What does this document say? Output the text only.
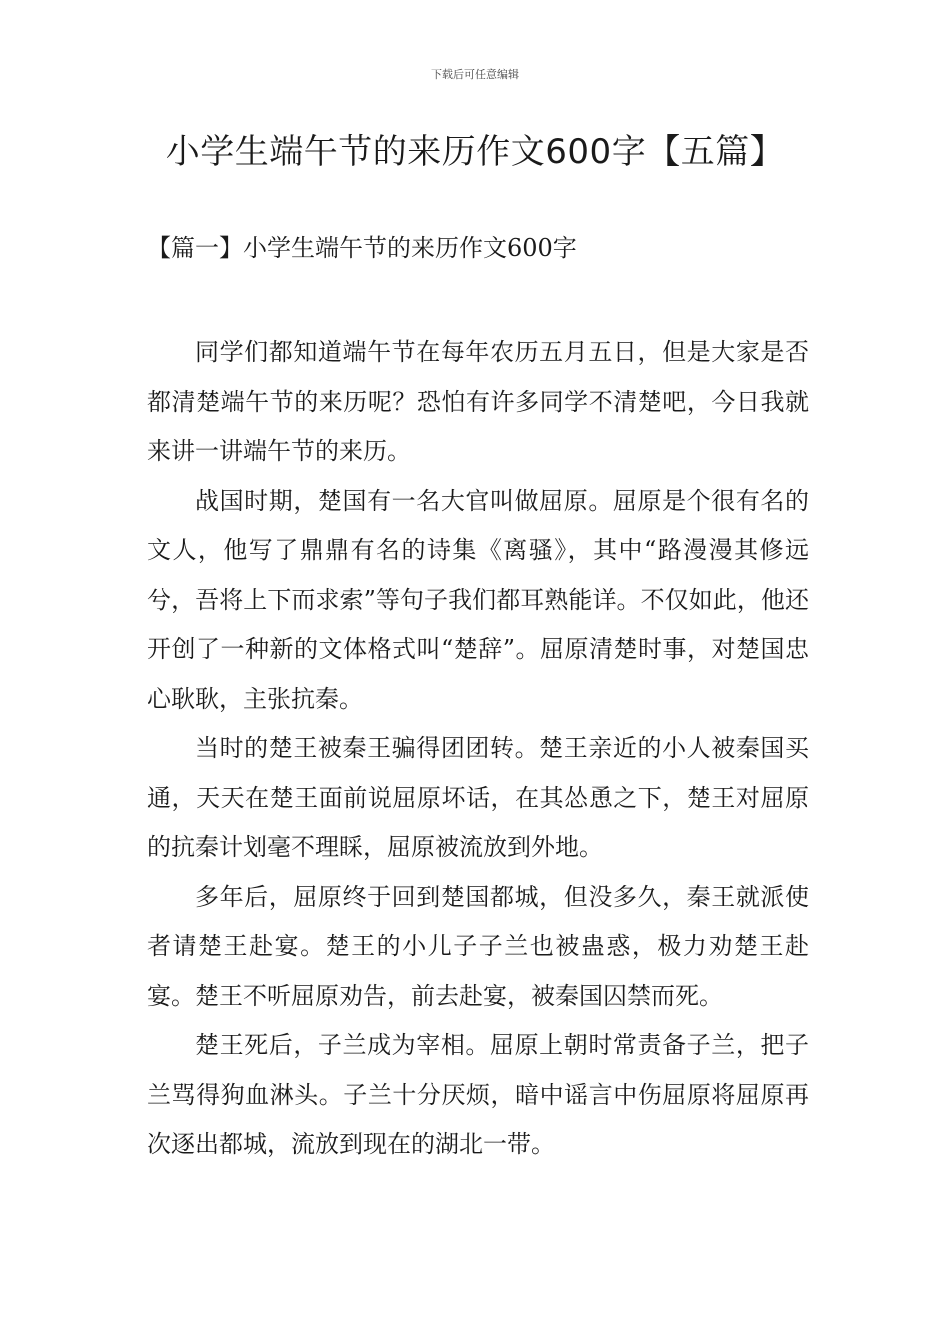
下载后可任意编辑
小学生端午节的来历作文600字【五篇】
【篇一】小学生端午节的来历作文600字

同学们都知道端午节在每年农历五月五日，但是大家是否都清楚端午节的来历呢？恐怕有许多同学不清楚吧，今日我就来讲一讲端午节的来历。

战国时期，楚国有一名大官叫做屈原。屈原是个很有名的文人，他写了鼎鼎有名的诗集《离骚》，其中“路漫漫其修远兮，吾将上下而求索”等句子我们都耳熟能详。不仅如此，他还开创了一种新的文体格式叫“楚辞”。屈原清楚时事，对楚国忠心耿耿，主张抗秦。

当时的楚王被秦王骗得团团转。楚王亲近的小人被秦国买通，天天在楚王面前说屈原坏话，在其怂恿之下，楚王对屈原的抗秦计划毫不理睬，屈原被流放到外地。

多年后，屈原终于回到楚国都城，但没多久，秦王就派使者请楚王赴宴。楚王的小儿子子兰也被蛊惑，极力劝楚王赴宴。楚王不听屈原劝告，前去赴宴，被秦国囚禁而死。

楚王死后，子兰成为宰相。屈原上朝时常责备子兰，把子兰骂得狗血淋头。子兰十分厌烦，暗中谣言中伤屈原将屈原再次逐出都城，流放到现在的湖北一带。
